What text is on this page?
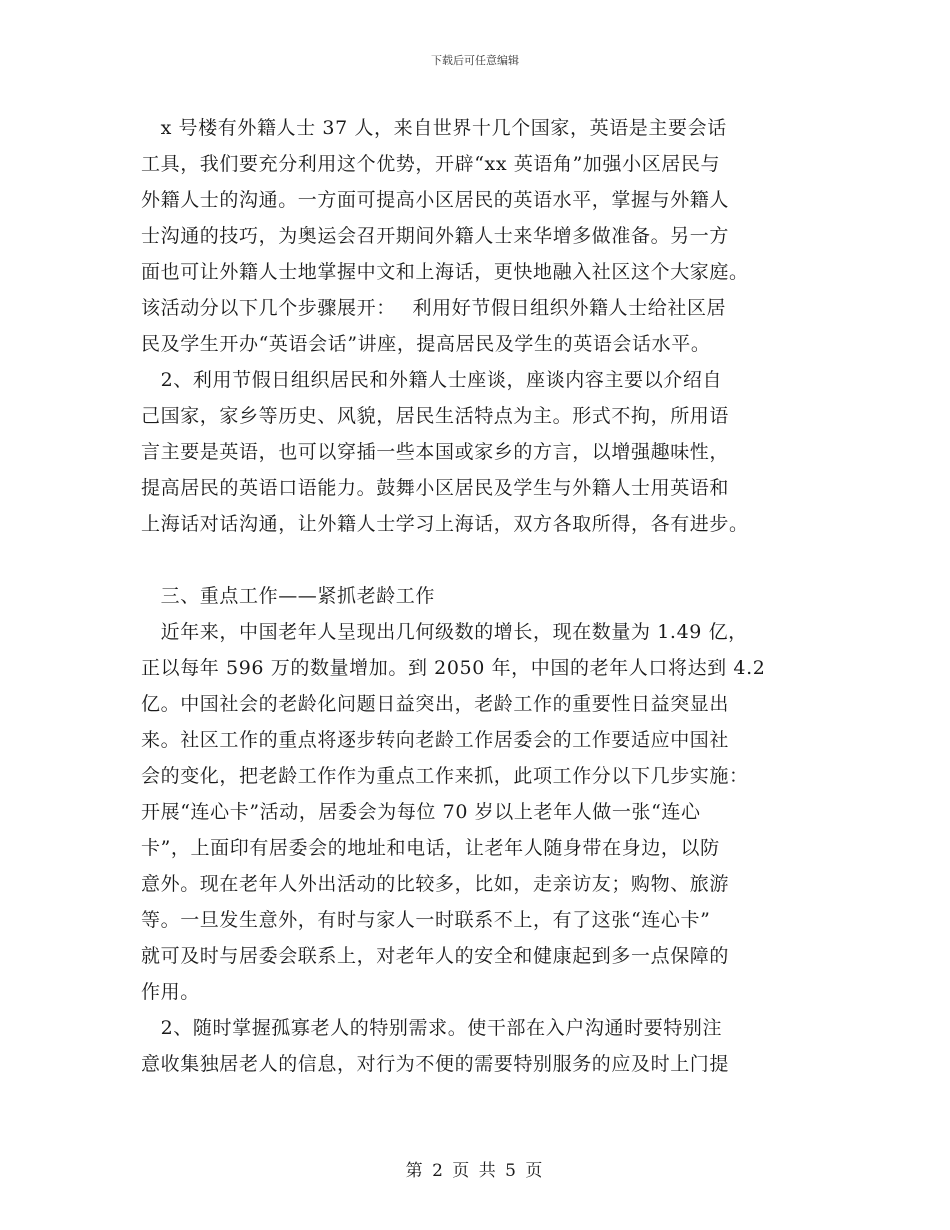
下载后可任意编辑
　x 号楼有外籍人士 37 人，来自世界十几个国家，英语是主要会话
工具，我们要充分利用这个优势，开辟“xx 英语角”加强小区居民与
外籍人士的沟通。一方面可提高小区居民的英语水平，掌握与外籍人
士沟通的技巧，为奥运会召开期间外籍人士来华增多做准备。另一方
面也可让外籍人士地掌握中文和上海话，更快地融入社区这个大家庭。
该活动分以下几个步骤展开：　 利用好节假日组织外籍人士给社区居
民及学生开办“英语会话”讲座，提高居民及学生的英语会话水平。
　2、利用节假日组织居民和外籍人士座谈，座谈内容主要以介绍自
己国家，家乡等历史、风貌，居民生活特点为主。形式不拘，所用语
言主要是英语，也可以穿插一些本国或家乡的方言，以增强趣味性，
提高居民的英语口语能力。鼓舞小区居民及学生与外籍人士用英语和
上海话对话沟通，让外籍人士学习上海话，双方各取所得，各有进步。
　三、重点工作——紧抓老龄工作
　近年来，中国老年人呈现出几何级数的增长，现在数量为 1.49 亿，
正以每年 596 万的数量增加。到 2050 年，中国的老年人口将达到 4.2
亿。中国社会的老龄化问题日益突出，老龄工作的重要性日益突显出
来。社区工作的重点将逐步转向老龄工作居委会的工作要适应中国社
会的变化，把老龄工作作为重点工作来抓，此项工作分以下几步实施：
开展“连心卡”活动，居委会为每位 70 岁以上老年人做一张“连心
卡”，上面印有居委会的地址和电话，让老年人随身带在身边，以防
意外。现在老年人外出活动的比较多，比如，走亲访友；购物、旅游
等。一旦发生意外，有时与家人一时联系不上，有了这张“连心卡”
就可及时与居委会联系上，对老年人的安全和健康起到多一点保障的
作用。
　2、随时掌握孤寡老人的特别需求。使干部在入户沟通时要特别注
意收集独居老人的信息，对行为不便的需要特别服务的应及时上门提
第 2 页 共 5 页
